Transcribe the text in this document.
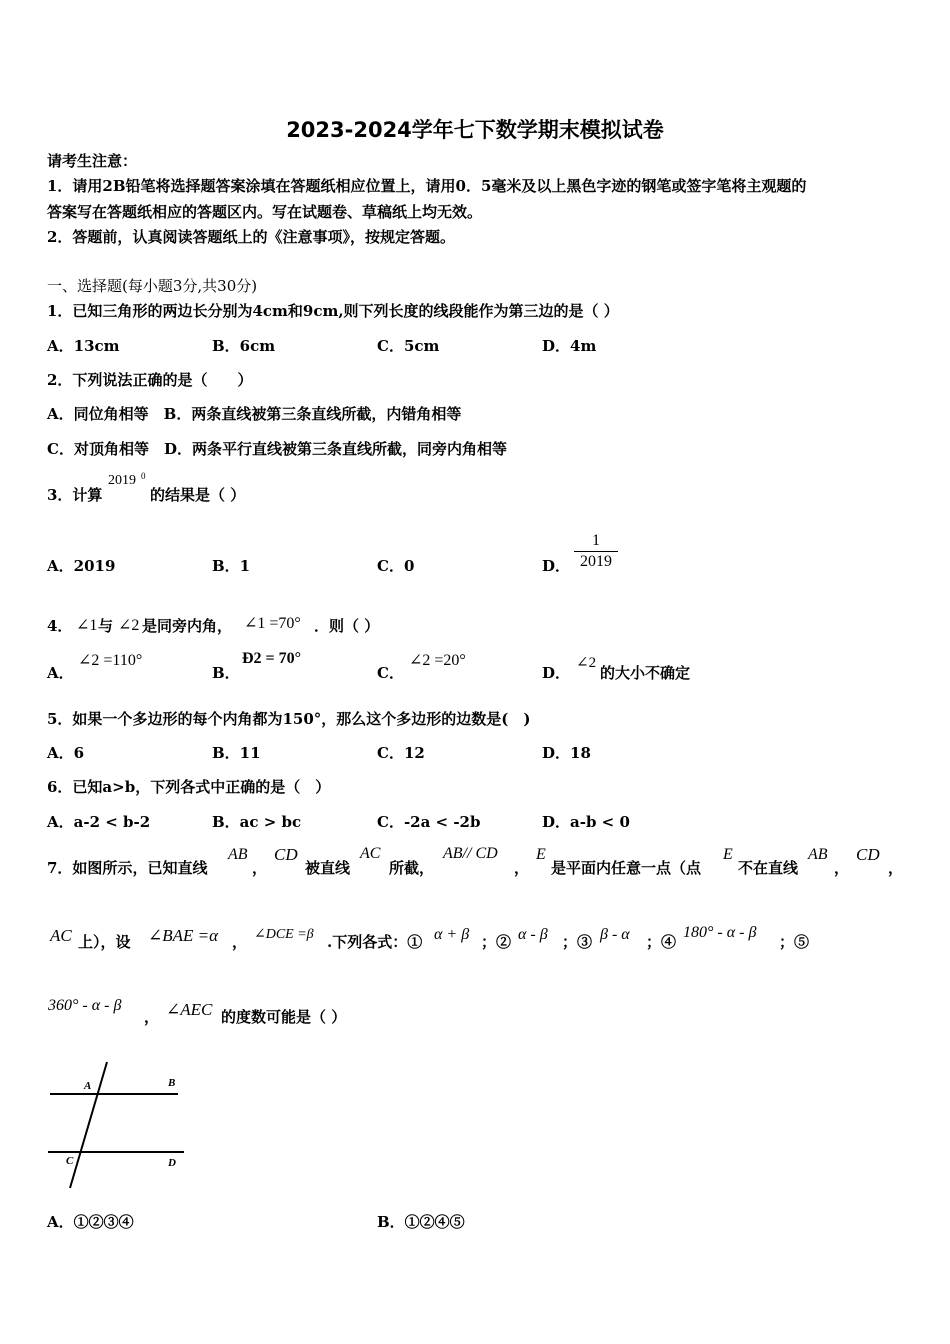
2023-2024学年七下数学期末模拟试卷
请考生注意：
1．请用2B铅笔将选择题答案涂填在答题纸相应位置上，请用0．5毫米及以上黑色字迹的钢笔或签字笔将主观题的
答案写在答题纸相应的答题区内。写在试题卷、草稿纸上均无效。
2．答题前，认真阅读答题纸上的《注意事项》，按规定答题。
一、选择题(每小题3分,共30分)
1．已知三角形的两边长分别为4cm和9cm,则下列长度的线段能作为第三边的是（ ）
A．13cm	B．6cm	C．5cm	D．4m
2．下列说法正确的是（　　）
A．同位角相等　B．两条直线被第三条直线所截，内错角相等
C．对顶角相等　D．两条平行直线被第三条直线所截，同旁内角相等
3．计算
2019 0
的结果是（ ）
A．2019	B．1	C．0	D． $\frac{1}{2019}$
4． ∠1 与 ∠2 是同旁内角， ∠1 =70° ．则（ ）
A．
∠2 =110°
B．
Ð2 = 70°
C．
∠2 =20°
D．
∠2
的大小不确定
5．如果一个多边形的每个内角都为150°，那么这个多边形的边数是(　)
A．6	B．11	C．12	D．18
6．已知a>b，下列各式中正确的是（　）
A．a-2 < b-2	B．ac > bc	C．-2a < -2b	D．a-b < 0
7．如图所示，已知直线
AB
，
CD
被直线
AC
所截，
AB// CD
，
E
是平面内任意一点（点
E
不在直线
AB
，
CD
，
AC 上），设 ∠BAE =α ， ∠DCE =β .下列各式：① α + β ；② α - β ；③ β - α ；④
180° - α - β
；⑤
360° - α - β
， ∠AEC 的度数可能是（ ）
A	B
C	D
A．①②③④	B．①②④⑤
